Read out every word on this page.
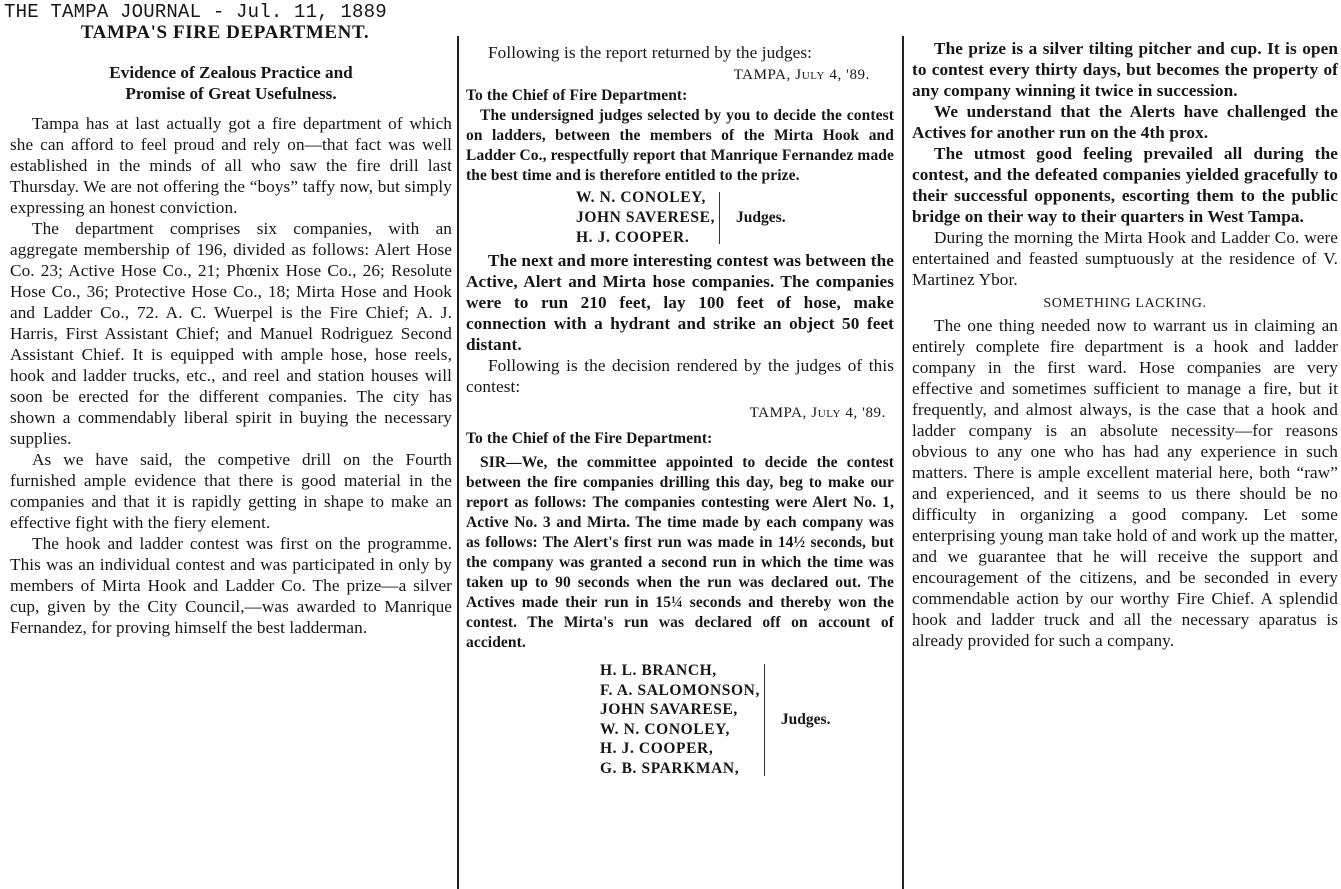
THE TAMPA JOURNAL - Jul. 11, 1889
TAMPA'S FIRE DEPARTMENT.
Evidence of Zealous Practice and
Promise of Great Usefulness.

Tampa has at last actually got a fire department of which she can afford to feel proud and rely on—that fact was well established in the minds of all who saw the fire drill last Thursday. We are not offering the “boys” taffy now, but simply expressing an honest conviction.

The department comprises six companies, with an aggregate membership of 196, divided as follows: Alert Hose Co. 23; Active Hose Co., 21; Phœnix Hose Co., 26; Resolute Hose Co., 36; Protective Hose Co., 18; Mirta Hose and Hook and Ladder Co., 72. A. C. Wuerpel is the Fire Chief; A. J. Harris, First Assistant Chief; and Manuel Rodriguez Second Assistant Chief. It is equipped with ample hose, hose reels, hook and ladder trucks, etc., and reel and station houses will soon be erected for the different companies. The city has shown a commendably liberal spirit in buying the necessary supplies.

As we have said, the competive drill on the Fourth furnished ample evidence that there is good material in the companies and that it is rapidly getting in shape to make an effective fight with the fiery element.

The hook and ladder contest was first on the programme. This was an individual contest and was participated in only by members of Mirta Hook and Ladder Co. The prize—a silver cup, given by the City Council,—was awarded to Manrique Fernandez, for proving himself the best ladderman.

Following is the report returned by the judges:

TAMPA, July 4, '89.

To the Chief of Fire Department:

The undersigned judges selected by you to decide the contest on ladders, between the members of the Mirta Hook and Ladder Co., respectfully report that Manrique Fernandez made the best time and is therefore entitled to the prize.

W. N. CONOLEY,
JOHN SAVERESE,
H. J. COOPER.
Judges.

The next and more interesting contest was between the Active, Alert and Mirta hose companies. The companies were to run 210 feet, lay 100 feet of hose, make connection with a hydrant and strike an object 50 feet distant.

Following is the decision rendered by the judges of this contest:

TAMPA, July 4, '89.

To the Chief of the Fire Department:

SIR—We, the committee appointed to decide the contest between the fire companies drilling this day, beg to make our report as follows: The companies contesting were Alert No. 1, Active No. 3 and Mirta. The time made by each company was as follows: The Alert's first run was made in 14½ seconds, but the company was granted a second run in which the time was taken up to 90 seconds when the run was declared out. The Actives made their run in 15¼ seconds and thereby won the contest. The Mirta's run was declared off on account of accident.

H. L. BRANCH,
F. A. SALOMONSON,
JOHN SAVARESE,
W. N. CONOLEY,
H. J. COOPER,
G. B. SPARKMAN,
Judges.

The prize is a silver tilting pitcher and cup. It is open to contest every thirty days, but becomes the property of any company winning it twice in succession.

We understand that the Alerts have challenged the Actives for another run on the 4th prox.

The utmost good feeling prevailed all during the contest, and the defeated companies yielded gracefully to their successful opponents, escorting them to the public bridge on their way to their quarters in West Tampa.

During the morning the Mirta Hook and Ladder Co. were entertained and feasted sumptuously at the residence of V. Martinez Ybor.

SOMETHING LACKING.

The one thing needed now to warrant us in claiming an entirely complete fire department is a hook and ladder company in the first ward. Hose companies are very effective and sometimes sufficient to manage a fire, but it frequently, and almost always, is the case that a hook and ladder company is an absolute necessity—for reasons obvious to any one who has had any experience in such matters. There is ample excellent material here, both “raw” and experienced, and it seems to us there should be no difficulty in organizing a good company. Let some enterprising young man take hold of and work up the matter, and we guarantee that he will receive the support and encouragement of the citizens, and be seconded in every commendable action by our worthy Fire Chief. A splendid hook and ladder truck and all the necessary aparatus is already provided for such a company.
